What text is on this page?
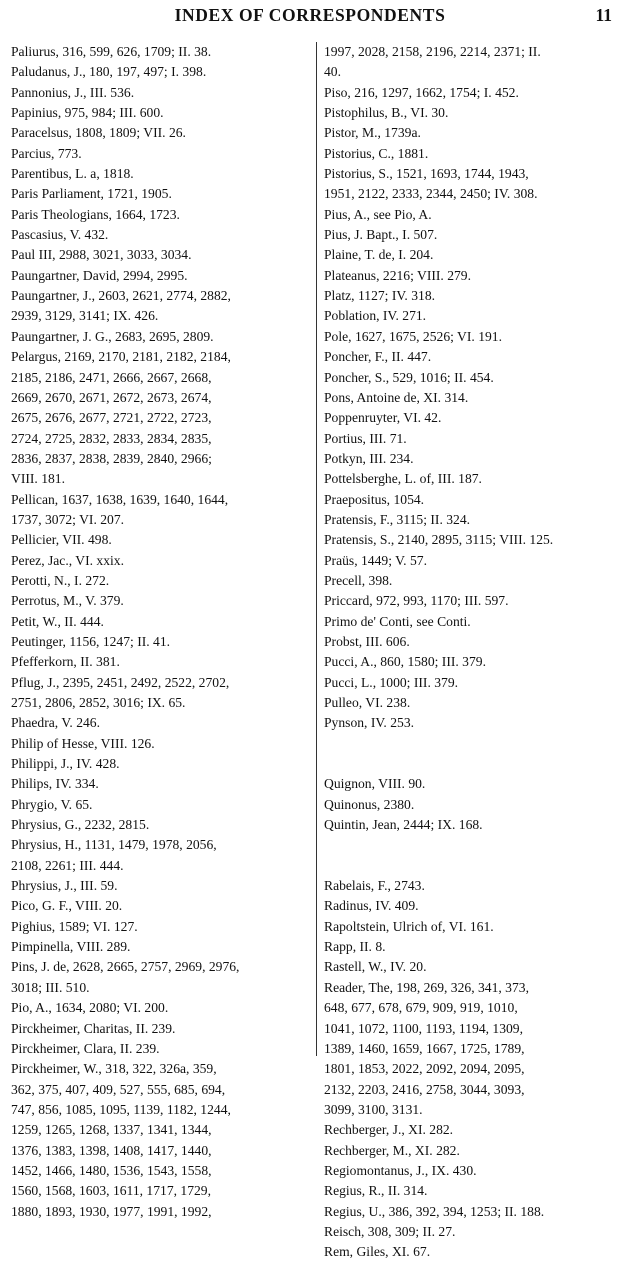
INDEX OF CORRESPONDENTS	11
Paliurus, 316, 599, 626, 1709; II. 38.
Paludanus, J., 180, 197, 497; I. 398.
Pannonius, J., III. 536.
Papinius, 975, 984; III. 600.
Paracelsus, 1808, 1809; VII. 26.
Parcius, 773.
Parentibus, L. a, 1818.
Paris Parliament, 1721, 1905.
Paris Theologians, 1664, 1723.
Pascasius, V. 432.
Paul III, 2988, 3021, 3033, 3034.
Paungartner, David, 2994, 2995.
Paungartner, J., 2603, 2621, 2774, 2882,
2939, 3129, 3141; IX. 426.
Paungartner, J. G., 2683, 2695, 2809.
Pelargus, 2169, 2170, 2181, 2182, 2184,
2185, 2186, 2471, 2666, 2667, 2668,
2669, 2670, 2671, 2672, 2673, 2674,
2675, 2676, 2677, 2721, 2722, 2723,
2724, 2725, 2832, 2833, 2834, 2835,
2836, 2837, 2838, 2839, 2840, 2966;
VIII. 181.
Pellican, 1637, 1638, 1639, 1640, 1644,
1737, 3072; VI. 207.
Pellicier, VII. 498.
Perez, Jac., VI. xxix.
Perotti, N., I. 272.
Perrotus, M., V. 379.
Petit, W., II. 444.
Peutinger, 1156, 1247; II. 41.
Pfefferkorn, II. 381.
Pflug, J., 2395, 2451, 2492, 2522, 2702,
2751, 2806, 2852, 3016; IX. 65.
Phaedra, V. 246.
Philip of Hesse, VIII. 126.
Philippi, J., IV. 428.
Philips, IV. 334.
Phrygio, V. 65.
Phrysius, G., 2232, 2815.
Phrysius, H., 1131, 1479, 1978, 2056,
2108, 2261; III. 444.
Phrysius, J., III. 59.
Pico, G. F., VIII. 20.
Pighius, 1589; VI. 127.
Pimpinella, VIII. 289.
Pins, J. de, 2628, 2665, 2757, 2969, 2976,
3018; III. 510.
Pio, A., 1634, 2080; VI. 200.
Pirckheimer, Charitas, II. 239.
Pirckheimer, Clara, II. 239.
Pirckheimer, W., 318, 322, 326a, 359,
362, 375, 407, 409, 527, 555, 685, 694,
747, 856, 1085, 1095, 1139, 1182, 1244,
1259, 1265, 1268, 1337, 1341, 1344,
1376, 1383, 1398, 1408, 1417, 1440,
1452, 1466, 1480, 1536, 1543, 1558,
1560, 1568, 1603, 1611, 1717, 1729,
1880, 1893, 1930, 1977, 1991, 1992,
1997, 2028, 2158, 2196, 2214, 2371; II.
40.
Piso, 216, 1297, 1662, 1754; I. 452.
Pistophilus, B., VI. 30.
Pistor, M., 1739a.
Pistorius, C., 1881.
Pistorius, S., 1521, 1693, 1744, 1943,
1951, 2122, 2333, 2344, 2450; IV. 308.
Pius, A., see Pio, A.
Pius, J. Bapt., I. 507.
Plaine, T. de, I. 204.
Plateanus, 2216; VIII. 279.
Platz, 1127; IV. 318.
Poblation, IV. 271.
Pole, 1627, 1675, 2526; VI. 191.
Poncher, F., II. 447.
Poncher, S., 529, 1016; II. 454.
Pons, Antoine de, XI. 314.
Poppenruyter, VI. 42.
Portius, III. 71.
Potkyn, III. 234.
Pottelsberghe, L. of, III. 187.
Praepositus, 1054.
Pratensis, F., 3115; II. 324.
Pratensis, S., 2140, 2895, 3115; VIII. 125.
Praüs, 1449; V. 57.
Precell, 398.
Priccard, 972, 993, 1170; III. 597.
Primo de' Conti, see Conti.
Probst, III. 606.
Pucci, A., 860, 1580; III. 379.
Pucci, L., 1000; III. 379.
Pulleo, VI. 238.
Pynson, IV. 253.
Quignon, VIII. 90.
Quinonus, 2380.
Quintin, Jean, 2444; IX. 168.
Rabelais, F., 2743.
Radinus, IV. 409.
Rapoltstein, Ulrich of, VI. 161.
Rapp, II. 8.
Rastell, W., IV. 20.
Reader, The, 198, 269, 326, 341, 373,
648, 677, 678, 679, 909, 919, 1010,
1041, 1072, 1100, 1193, 1194, 1309,
1389, 1460, 1659, 1667, 1725, 1789,
1801, 1853, 2022, 2092, 2094, 2095,
2132, 2203, 2416, 2758, 3044, 3093,
3099, 3100, 3131.
Rechberger, J., XI. 282.
Rechberger, M., XI. 282.
Regiomontanus, J., IX. 430.
Regius, R., II. 314.
Regius, U., 386, 392, 394, 1253; II. 188.
Reisch, 308, 309; II. 27.
Rem, Giles, XI. 67.
